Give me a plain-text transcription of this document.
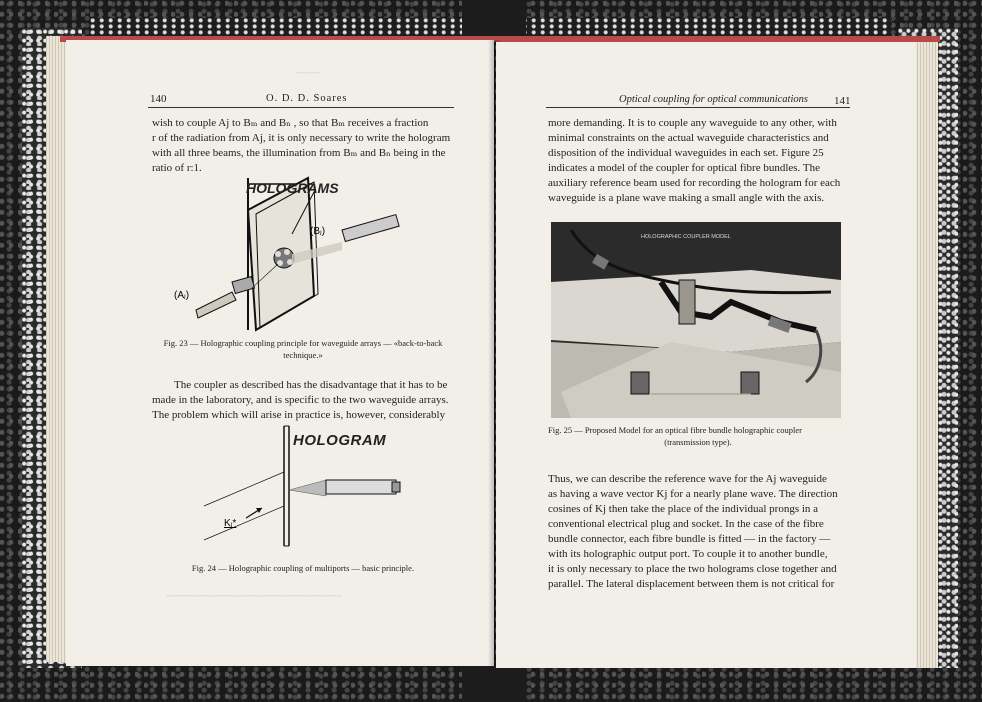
~~~~~
140	O. D. D. Soares

wish to couple Aj to Bₘ and Bₙ , so that Bₘ receives a fraction

r of the radiation from Aj, it is only necessary to write the hologram

with all three beams, the illumination from Bₘ and Bₙ being in the

ratio of r:1.

(Bⱼ)
(Aⱼ)
HOLOGRAMS
Fig. 23 — Holographic coupling principle for waveguide arrays — «back-to-back
technique.»

The coupler as described has the disadvantage that it has to be

made in the laboratory, and is specific to the two waveguide arrays.

The problem which will arise in practice is, however, considerably

Kⱼ*
HOLOGRAM
Fig. 24 — Holographic coupling of multiports — basic principle.
~~~~~~~~~~~~~~~~~~~~~~~~~~~~~~~~~~~~
Optical coupling for optical communications 141

more demanding. It is to couple any waveguide to any other, with

minimal constraints on the actual waveguide characteristics and

disposition of the individual waveguides in each set. Figure 25

indicates a model of the coupler for optical fibre bundles. The

auxiliary reference beam used for recording the hologram for each

waveguide is a plane wave making a small angle with the axis.

HOLOGRAPHIC COUPLER MODEL
Fig. 25 — Proposed Model for an optical fibre bundle holographic coupler
(transmission type).

Thus, we can describe the reference wave for the Aj waveguide

as having a wave vector Kj for a nearly plane wave. The direction

cosines of Kj then take the place of the individual prongs in a

conventional electrical plug and socket. In the case of the fibre

bundle connector, each fibre bundle is fitted — in the factory —

with its holographic output port. To couple it to another bundle,

it is only necessary to place the two holograms close together and

parallel. The lateral displacement between them is not critical for
